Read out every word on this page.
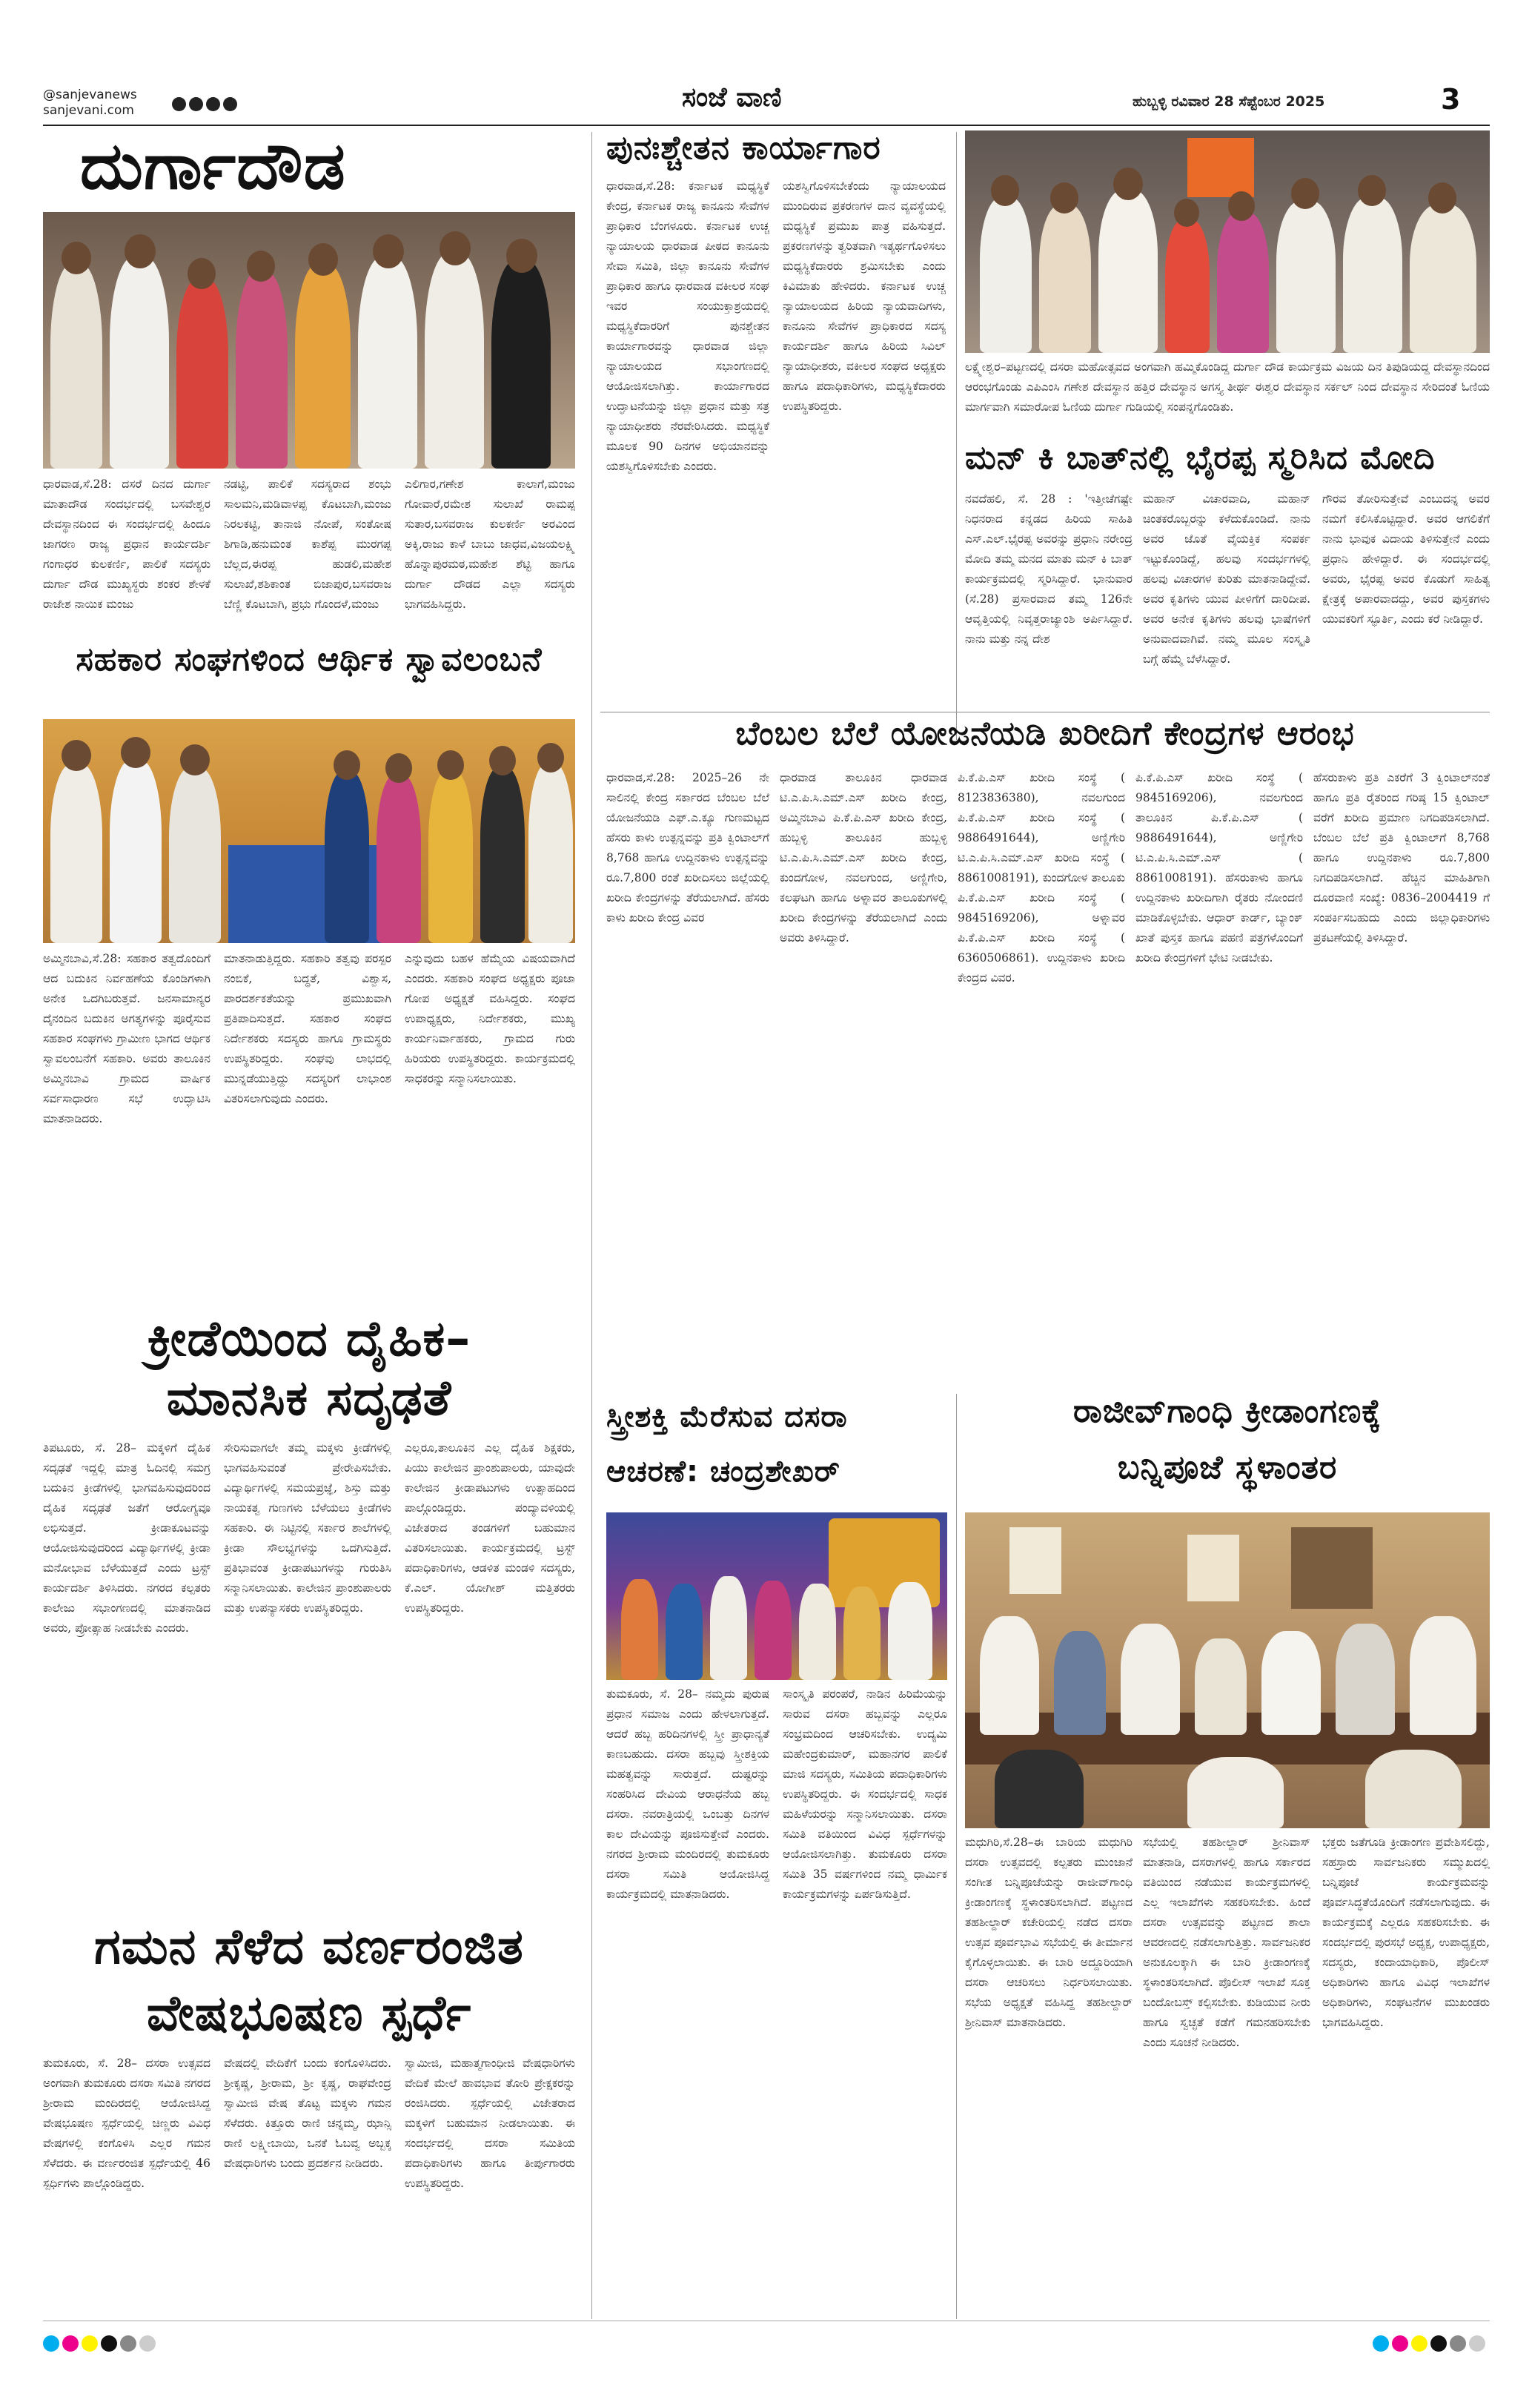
@sanjevanews
sanjevani.com	ಸಂಜೆ ವಾಣಿ	ಹುಬ್ಬಳ್ಳಿ ರವಿವಾರ 28 ಸೆಪ್ಟೆಂಬರ 2025	3
ದುರ್ಗಾದೌಡ
ಧಾರವಾಡ,ಸೆ.28: ದಸರೆ ದಿನದ ದುರ್ಗಾ ಮಾತಾದೌಡ ಸಂದರ್ಭದಲ್ಲಿ ಬಸವೇಶ್ವರ ದೇವಸ್ಥಾನದಿಂದ ಈ ಸಂದರ್ಭದಲ್ಲಿ ಹಿಂದೂ ಜಾಗರಣ ರಾಜ್ಯ ಪ್ರಧಾನ ಕಾರ್ಯದರ್ಶಿ ಗಂಗಾಧರ ಕುಲಕರ್ಣಿ, ಪಾಲಿಕೆ ಸದಸ್ಯರು ದುರ್ಗಾ ದೌಡ ಮುಖ್ಯಸ್ಥರು ಶಂಕರ ಶೇಳಕೆ ರಾಜೇಶ ನಾಯಿಕ ಮಂಜು
ನಡಟ್ಟಿ, ಪಾಲಿಕೆ ಸದಸ್ಯರಾದ ಶಂಭು ಸಾಲಮನಿ,ಮಡಿವಾಳಪ್ಪ ಕೊಟಬಾಗಿ,ಮಂಜು ನಿರಲಕಟ್ಟಿ, ತಾನಾಜಿ ನೋಪೆ, ಸಂತೋಷ ಶಿಗಾಡಿ,ಹನುಮಂತ ಕಾಶೆಪ್ಪ ಮುರಗಪ್ಪ ಬೆಲ್ಲದ,ಈರಪ್ಪ ಹುಡಲಿ,ಮಹೇಶ ಸುಲಾಖೆ,ಶಶಿಕಾಂತ ಬಿಜಾಪುರ,ಬಸವರಾಜ ಬೆಣ್ಣಿ ಕೊಟಬಾಗಿ, ಪ್ರಭು ಗೊಂದಳೆ,ಮಂಜು
ಎಲಿಗಾರ,ಗಣೇಶ ಕಾಲಾಗೆ,ಮಂಜು ಗೋವಾರೆ,ರಮೇಶ ಸುಲಾಖೆ ರಾಮಪ್ಪ ಸುತಾರ,ಬಸವರಾಜ ಕುಲಕರ್ಣಿ ಅರವಿಂದ ಅಕ್ಕಿ,ರಾಜು ಕಾಳೆ ಬಾಬು ಜಾಧವ,ವಿಜಯಲಕ್ಷ್ಮಿ ಹೊನ್ನಾಪುರಮಠ,ಮಹೇಶ ಶೆಟ್ಟಿ ಹಾಗೂ ದುರ್ಗಾ ದೌಡದ ಎಲ್ಲಾ ಸದಸ್ಯರು ಭಾಗವಹಿಸಿದ್ದರು.
ಸಹಕಾರ ಸಂಘಗಳಿಂದ ಆರ್ಥಿಕ ಸ್ವಾವಲಂಬನೆ
ಅಮ್ಮಿನಬಾವಿ,ಸೆ.28: ಸಹಕಾರ ತತ್ವದೊಂದಿಗೆ ಆದ ಬದುಕಿನ ನಿರ್ವಹಣೆಯ ಕೊಂಡಿಗಳಾಗಿ ಅನೇಕ ಒದಗಿಬರುತ್ತವೆ. ಜನಸಾಮಾನ್ಯರ ದೈನಂದಿನ ಬದುಕಿನ ಅಗತ್ಯಗಳನ್ನು ಪೂರೈಸುವ ಸಹಕಾರ ಸಂಘಗಳು ಗ್ರಾಮೀಣ ಭಾಗದ ಆರ್ಥಿಕ ಸ್ವಾವಲಂಬನೆಗೆ ಸಹಕಾರಿ. ಅವರು ತಾಲೂಕಿನ ಅಮ್ಮಿನಬಾವಿ ಗ್ರಾಮದ ವಾರ್ಷಿಕ ಸರ್ವಸಾಧಾರಣ ಸಭೆ ಉದ್ಘಾಟಿಸಿ ಮಾತನಾಡಿದರು.
ಮಾತನಾಡುತ್ತಿದ್ದರು. ಸಹಕಾರಿ ತತ್ವವು ಪರಸ್ಪರ ನಂಬಿಕೆ, ಬದ್ಧತೆ, ವಿಶ್ವಾಸ, ಪಾರದರ್ಶಕತೆಯನ್ನು ಪ್ರಮುಖವಾಗಿ ಪ್ರತಿಪಾದಿಸುತ್ತದೆ. ಸಹಕಾರ ಸಂಘದ ನಿರ್ದೇಶಕರು ಸದಸ್ಯರು ಹಾಗೂ ಗ್ರಾಮಸ್ಥರು ಉಪಸ್ಥಿತರಿದ್ದರು. ಸಂಘವು ಲಾಭದಲ್ಲಿ ಮುನ್ನಡೆಯುತ್ತಿದ್ದು ಸದಸ್ಯರಿಗೆ ಲಾಭಾಂಶ ವಿತರಿಸಲಾಗುವುದು ಎಂದರು.
ಎನ್ನುವುದು ಬಹಳ ಹೆಮ್ಮೆಯ ವಿಷಯವಾಗಿದೆ ಎಂದರು. ಸಹಕಾರಿ ಸಂಘದ ಅಧ್ಯಕ್ಷರು ಪೂಜಾ ಗೋಪ ಅಧ್ಯಕ್ಷತೆ ವಹಿಸಿದ್ದರು. ಸಂಘದ ಉಪಾಧ್ಯಕ್ಷರು, ನಿರ್ದೇಶಕರು, ಮುಖ್ಯ ಕಾರ್ಯನಿರ್ವಾಹಕರು, ಗ್ರಾಮದ ಗುರು ಹಿರಿಯರು ಉಪಸ್ಥಿತರಿದ್ದರು. ಕಾರ್ಯಕ್ರಮದಲ್ಲಿ ಸಾಧಕರನ್ನು ಸನ್ಮಾನಿಸಲಾಯಿತು.
ಕ್ರೀಡೆಯಿಂದ ದೈಹಿಕ–
ಮಾನಸಿಕ ಸದೃಢತೆ
ತಿಪಟೂರು, ಸೆ. 28– ಮಕ್ಕಳಿಗೆ ದೈಹಿಕ ಸದೃಢತೆ ಇದ್ದಲ್ಲಿ ಮಾತ್ರ ಓದಿನಲ್ಲಿ ಸಮಗ್ರ ಬದುಕಿನ ಕ್ರೀಡೆಗಳಲ್ಲಿ ಭಾಗವಹಿಸುವುದರಿಂದ ದೈಹಿಕ ಸದೃಢತೆ ಜತೆಗೆ ಆರೋಗ್ಯವೂ ಲಭಿಸುತ್ತದೆ. ಕ್ರೀಡಾಕೂಟವನ್ನು ಆಯೋಜಿಸುವುದರಿಂದ ವಿದ್ಯಾರ್ಥಿಗಳಲ್ಲಿ ಕ್ರೀಡಾ ಮನೋಭಾವ ಬೆಳೆಯುತ್ತದೆ ಎಂದು ಟ್ರಸ್ಟ್ ಕಾರ್ಯದರ್ಶಿ ತಿಳಿಸಿದರು. ನಗರದ ಕಲ್ಪತರು ಕಾಲೇಜು ಸಭಾಂಗಣದಲ್ಲಿ ಮಾತನಾಡಿದ ಅವರು, ಪ್ರೋತ್ಸಾಹ ನೀಡಬೇಕು ಎಂದರು.
ಸೇರಿಸುವಾಗಲೇ ತಮ್ಮ ಮಕ್ಕಳು ಕ್ರೀಡೆಗಳಲ್ಲಿ ಭಾಗವಹಿಸುವಂತೆ ಪ್ರೇರೇಪಿಸಬೇಕು. ವಿದ್ಯಾರ್ಥಿಗಳಲ್ಲಿ ಸಮಯಪ್ರಜ್ಞೆ, ಶಿಸ್ತು ಮತ್ತು ನಾಯಕತ್ವ ಗುಣಗಳು ಬೆಳೆಯಲು ಕ್ರೀಡೆಗಳು ಸಹಕಾರಿ. ಈ ನಿಟ್ಟಿನಲ್ಲಿ ಸರ್ಕಾರ ಶಾಲೆಗಳಲ್ಲಿ ಕ್ರೀಡಾ ಸೌಲಭ್ಯಗಳನ್ನು ಒದಗಿಸುತ್ತಿದೆ. ಪ್ರತಿಭಾವಂತ ಕ್ರೀಡಾಪಟುಗಳನ್ನು ಗುರುತಿಸಿ ಸನ್ಮಾನಿಸಲಾಯಿತು. ಕಾಲೇಜಿನ ಪ್ರಾಂಶುಪಾಲರು ಮತ್ತು ಉಪನ್ಯಾಸಕರು ಉಪಸ್ಥಿತರಿದ್ದರು.
ಎಲ್ಲರೂ,ತಾಲೂಕಿನ ಎಲ್ಲ ದೈಹಿಕ ಶಿಕ್ಷಕರು, ಪಿಯು ಕಾಲೇಜಿನ ಪ್ರಾಂಶುಪಾಲರು, ಯಾವುದೇ ಕಾಲೇಜಿನ ಕ್ರೀಡಾಪಟುಗಳು ಉತ್ಸಾಹದಿಂದ ಪಾಲ್ಗೊಂಡಿದ್ದರು. ಪಂದ್ಯಾವಳಿಯಲ್ಲಿ ವಿಜೇತರಾದ ತಂಡಗಳಿಗೆ ಬಹುಮಾನ ವಿತರಿಸಲಾಯಿತು. ಕಾರ್ಯಕ್ರಮದಲ್ಲಿ ಟ್ರಸ್ಟ್ ಪದಾಧಿಕಾರಿಗಳು, ಆಡಳಿತ ಮಂಡಳಿ ಸದಸ್ಯರು, ಕೆ.ಎಲ್. ಯೋಗೀಶ್ ಮತ್ತಿತರರು ಉಪಸ್ಥಿತರಿದ್ದರು.
ಗಮನ ಸೆಳೆದ ವರ್ಣರಂಜಿತ
ವೇಷಭೂಷಣ ಸ್ಪರ್ಧೆ
ತುಮಕೂರು, ಸೆ. 28– ದಸರಾ ಉತ್ಸವದ ಅಂಗವಾಗಿ ತುಮಕೂರು ದಸರಾ ಸಮಿತಿ ನಗರದ ಶ್ರೀರಾಮ ಮಂದಿರದಲ್ಲಿ ಆಯೋಜಿಸಿದ್ದ ವೇಷಭೂಷಣ ಸ್ಪರ್ಧೆಯಲ್ಲಿ ಚಿಣ್ಣರು ವಿವಿಧ ವೇಷಗಳಲ್ಲಿ ಕಂಗೊಳಿಸಿ ಎಲ್ಲರ ಗಮನ ಸೆಳೆದರು. ಈ ವರ್ಣರಂಜಿತ ಸ್ಪರ್ಧೆಯಲ್ಲಿ 46 ಸ್ಪರ್ಧಿಗಳು ಪಾಲ್ಗೊಂಡಿದ್ದರು.
ವೇಷದಲ್ಲಿ ವೇದಿಕೆಗೆ ಬಂದು ಕಂಗೊಳಿಸಿದರು. ಶ್ರೀಕೃಷ್ಣ, ಶ್ರೀರಾಮ, ಶ್ರೀ ಕೃಷ್ಣ, ರಾಘವೇಂದ್ರ ಸ್ವಾಮೀಜಿ ವೇಷ ತೊಟ್ಟ ಮಕ್ಕಳು ಗಮನ ಸೆಳೆದರು. ಕಿತ್ತೂರು ರಾಣಿ ಚನ್ನಮ್ಮ, ಝಾನ್ಸಿ ರಾಣಿ ಲಕ್ಷ್ಮೀಬಾಯಿ, ಒನಕೆ ಓಬವ್ವ ಅಬ್ಬಕ್ಕ ವೇಷಧಾರಿಗಳು ಬಂದು ಪ್ರದರ್ಶನ ನೀಡಿದರು.
ಸ್ವಾಮೀಜಿ, ಮಹಾತ್ಮಗಾಂಧೀಜಿ ವೇಷಧಾರಿಗಳು ವೇದಿಕೆ ಮೇಲೆ ಹಾವಭಾವ ತೋರಿ ಪ್ರೇಕ್ಷಕರನ್ನು ರಂಜಿಸಿದರು. ಸ್ಪರ್ಧೆಯಲ್ಲಿ ವಿಜೇತರಾದ ಮಕ್ಕಳಿಗೆ ಬಹುಮಾನ ನೀಡಲಾಯಿತು. ಈ ಸಂದರ್ಭದಲ್ಲಿ ದಸರಾ ಸಮಿತಿಯ ಪದಾಧಿಕಾರಿಗಳು ಹಾಗೂ ತೀರ್ಪುಗಾರರು ಉಪಸ್ಥಿತರಿದ್ದರು.
ಪುನಃಶ್ಚೇತನ ಕಾರ್ಯಾಗಾರ
ಧಾರವಾಡ,ಸೆ.28: ಕರ್ನಾಟಕ ಮಧ್ಯಸ್ಥಿಕೆ ಕೇಂದ್ರ, ಕರ್ನಾಟಕ ರಾಜ್ಯ ಕಾನೂನು ಸೇವೆಗಳ ಪ್ರಾಧಿಕಾರ ಬೆಂಗಳೂರು. ಕರ್ನಾಟಕ ಉಚ್ಚ ನ್ಯಾಯಾಲಯ ಧಾರವಾಡ ಪೀಠದ ಕಾನೂನು ಸೇವಾ ಸಮಿತಿ, ಜಿಲ್ಲಾ ಕಾನೂನು ಸೇವೆಗಳ ಪ್ರಾಧಿಕಾರ ಹಾಗೂ ಧಾರವಾಡ ವಕೀಲರ ಸಂಘ ಇವರ ಸಂಯುಕ್ತಾಶ್ರಯದಲ್ಲಿ ಮಧ್ಯಸ್ಥಿಕೆದಾರರಿಗೆ ಪುನಶ್ಚೇತನ ಕಾರ್ಯಾಗಾರವನ್ನು ಧಾರವಾಡ ಜಿಲ್ಲಾ ನ್ಯಾಯಾಲಯದ ಸಭಾಂಗಣದಲ್ಲಿ ಆಯೋಜಿಸಲಾಗಿತ್ತು. ಕಾರ್ಯಾಗಾರದ ಉದ್ಘಾಟನೆಯನ್ನು ಜಿಲ್ಲಾ ಪ್ರಧಾನ ಮತ್ತು ಸತ್ರ ನ್ಯಾಯಾಧೀಶರು ನೆರವೇರಿಸಿದರು. ಮಧ್ಯಸ್ಥಿಕೆ ಮೂಲಕ 90 ದಿನಗಳ ಅಭಿಯಾನವನ್ನು ಯಶಸ್ವಿಗೊಳಿಸಬೇಕು ಎಂದರು.
ಯಶಸ್ವಿಗೊಳಿಸಬೇಕೆಂದು ನ್ಯಾಯಾಲಯದ ಮುಂದಿರುವ ಪ್ರಕರಣಗಳ ದಾನ ವ್ಯವಸ್ಥೆಯಲ್ಲಿ ಮಧ್ಯಸ್ಥಿಕೆ ಪ್ರಮುಖ ಪಾತ್ರ ವಹಿಸುತ್ತದೆ. ಪ್ರಕರಣಗಳನ್ನು ತ್ವರಿತವಾಗಿ ಇತ್ಯರ್ಥಗೊಳಿಸಲು ಮಧ್ಯಸ್ಥಿಕೆದಾರರು ಶ್ರಮಿಸಬೇಕು ಎಂದು ಕಿವಿಮಾತು ಹೇಳಿದರು. ಕರ್ನಾಟಕ ಉಚ್ಚ ನ್ಯಾಯಾಲಯದ ಹಿರಿಯ ನ್ಯಾಯವಾದಿಗಳು, ಕಾನೂನು ಸೇವೆಗಳ ಪ್ರಾಧಿಕಾರದ ಸದಸ್ಯ ಕಾರ್ಯದರ್ಶಿ ಹಾಗೂ ಹಿರಿಯ ಸಿವಿಲ್ ನ್ಯಾಯಾಧೀಶರು, ವಕೀಲರ ಸಂಘದ ಅಧ್ಯಕ್ಷರು ಹಾಗೂ ಪದಾಧಿಕಾರಿಗಳು, ಮಧ್ಯಸ್ಥಿಕೆದಾರರು ಉಪಸ್ಥಿತರಿದ್ದರು.
ಲಕ್ಷ್ಮೇಶ್ವರ–ಪಟ್ಟಣದಲ್ಲಿ ದಸರಾ ಮಹೋತ್ಸವದ ಅಂಗವಾಗಿ ಹಮ್ಮಿಕೊಂಡಿದ್ದ ದುರ್ಗಾ ದೌಡ ಕಾರ್ಯಕ್ರಮ ವಿಜಯ ದಿನ ತಿಪುಡಿಯದ್ದ ದೇವಸ್ಥಾನದಿಂದ ಆರಂಭಗೊಂಡು ಎಪಿಎಂಸಿ ಗಣೇಶ ದೇವಸ್ಥಾನ ಹತ್ತಿರ ದೇವಸ್ಥಾನ ಅಗಸ್ತ್ಯ ತೀರ್ಥ ಈಶ್ವರ ದೇವಸ್ಥಾನ ಸರ್ಕಲ್ ನಿಂದ ದೇವಸ್ಥಾನ ಸೇರಿದಂತೆ ಓಣಿಯ ಮಾರ್ಗವಾಗಿ ಸಮಾರೋಪ ಓಣಿಯ ದುರ್ಗಾ ಗುಡಿಯಲ್ಲಿ ಸಂಪನ್ನಗೊಂಡಿತು.
ಮನ್ ಕಿ ಬಾತ್‌ನಲ್ಲಿ ಭೈರಪ್ಪ ಸ್ಮರಿಸಿದ ಮೋದಿ
ನವದೆಹಲಿ, ಸೆ. 28 : 'ಇತ್ತೀಚೆಗಷ್ಟೇ ನಿಧನರಾದ ಕನ್ನಡದ ಹಿರಿಯ ಸಾಹಿತಿ ಎಸ್.ಎಲ್.ಭೈರಪ್ಪ ಅವರನ್ನು ಪ್ರಧಾನಿ ನರೇಂದ್ರ ಮೋದಿ ತಮ್ಮ ಮನದ ಮಾತು ಮನ್ ಕಿ ಬಾತ್ ಕಾರ್ಯಕ್ರಮದಲ್ಲಿ ಸ್ಮರಿಸಿದ್ದಾರೆ. ಭಾನುವಾರ (ಸೆ.28) ಪ್ರಸಾರವಾದ ತಮ್ಮ 126ನೇ ಆವೃತ್ತಿಯಲ್ಲಿ ನಿವೃತ್ತರಾಜ್ಯಾಂಶಿ ಅರ್ಪಿಸಿದ್ದಾರೆ. ನಾನು ಮತ್ತು ನನ್ನ ದೇಶ
ಮಹಾನ್ ವಿಚಾರವಾದಿ, ಮಹಾನ್ ಚಿಂತಕರೊಬ್ಬರನ್ನು ಕಳೆದುಕೊಂಡಿದೆ. ನಾನು ಅವರ ಜೊತೆ ವೈಯಕ್ತಿಕ ಸಂಪರ್ಕ ಇಟ್ಟುಕೊಂಡಿದ್ದೆ, ಹಲವು ಸಂದರ್ಭಗಳಲ್ಲಿ ಹಲವು ವಿಚಾರಗಳ ಕುರಿತು ಮಾತನಾಡಿದ್ದೇವೆ. ಅವರ ಕೃತಿಗಳು ಯುವ ಪೀಳಿಗೆಗೆ ದಾರಿದೀಪ. ಅವರ ಅನೇಕ ಕೃತಿಗಳು ಹಲವು ಭಾಷೆಗಳಿಗೆ ಅನುವಾದವಾಗಿವೆ. ನಮ್ಮ ಮೂಲ ಸಂಸ್ಕೃತಿ ಬಗ್ಗೆ ಹೆಮ್ಮೆ ಬೆಳೆಸಿದ್ದಾರೆ.
ಗೌರವ ತೋರಿಸುತ್ತೇವೆ ಎಂಬುದನ್ನ ಅವರ ನಮಗೆ ಕಲಿಸಿಕೊಟ್ಟಿದ್ದಾರೆ. ಅವರ ಆಗಲಿಕೆಗೆ ನಾನು ಭಾವುಕ ವಿದಾಯ ತಿಳಿಸುತ್ತೇನೆ ಎಂದು ಪ್ರಧಾನಿ ಹೇಳಿದ್ದಾರೆ. ಈ ಸಂದರ್ಭದಲ್ಲಿ ಅವರು, ಭೈರಪ್ಪ ಅವರ ಕೊಡುಗೆ ಸಾಹಿತ್ಯ ಕ್ಷೇತ್ರಕ್ಕೆ ಅಪಾರವಾದದ್ದು, ಅವರ ಪುಸ್ತಕಗಳು ಯುವಕರಿಗೆ ಸ್ಫೂರ್ತಿ, ಎಂದು ಕರೆ ನೀಡಿದ್ದಾರೆ.
ಬೆಂಬಲ ಬೆಲೆ ಯೋಜನೆಯಡಿ ಖರೀದಿಗೆ ಕೇಂದ್ರಗಳ ಆರಂಭ
ಧಾರವಾಡ,ಸೆ.28: 2025–26 ನೇ ಸಾಲಿನಲ್ಲಿ ಕೇಂದ್ರ ಸರ್ಕಾರದ ಬೆಂಬಲ ಬೆಲೆ ಯೋಜನೆಯಡಿ ಎಫ್.ಎ.ಕ್ಯೂ ಗುಣಮಟ್ಟದ ಹೆಸರು ಕಾಳು ಉತ್ಪನ್ನವನ್ನು ಪ್ರತಿ ಕ್ವಿಂಟಾಲ್‌ಗೆ 8,768 ಹಾಗೂ ಉದ್ದಿನಕಾಳು ಉತ್ಪನ್ನವನ್ನು ರೂ.7,800 ರಂತೆ ಖರೀದಿಸಲು ಜಿಲ್ಲೆಯಲ್ಲಿ ಖರೀದಿ ಕೇಂದ್ರಗಳನ್ನು ತೆರೆಯಲಾಗಿದೆ. ಹೆಸರು ಕಾಳು ಖರೀದಿ ಕೇಂದ್ರ ವಿವರ
ಧಾರವಾಡ ತಾಲೂಕಿನ ಧಾರವಾಡ ಟಿ.ಎ.ಪಿ.ಸಿ.ಎಮ್.ಎಸ್ ಖರೀದಿ ಕೇಂದ್ರ, ಅಮ್ಮಿನಬಾವಿ ಪಿ.ಕೆ.ಪಿ.ಎಸ್ ಖರೀದಿ ಕೇಂದ್ರ, ಹುಬ್ಬಳ್ಳಿ ತಾಲೂಕಿನ ಹುಬ್ಬಳ್ಳಿ ಟಿ.ಎ.ಪಿ.ಸಿ.ಎಮ್.ಎಸ್ ಖರೀದಿ ಕೇಂದ್ರ, ಕುಂದಗೋಳ, ನವಲಗುಂದ, ಅಣ್ಣಿಗೇರಿ, ಕಲಘಟಗಿ ಹಾಗೂ ಅಳ್ನಾವರ ತಾಲೂಕುಗಳಲ್ಲಿ ಖರೀದಿ ಕೇಂದ್ರಗಳನ್ನು ತೆರೆಯಲಾಗಿದೆ ಎಂದು ಅವರು ತಿಳಿಸಿದ್ದಾರೆ.
ಪಿ.ಕೆ.ಪಿ.ಎಸ್ ಖರೀದಿ ಸಂಸ್ಥೆ ( 8123836380), ನವಲಗುಂದ ಪಿ.ಕೆ.ಪಿ.ಎಸ್ ಖರೀದಿ ಸಂಸ್ಥೆ ( 9886491644), ಅಣ್ಣಿಗೇರಿ ಟಿ.ಎ.ಪಿ.ಸಿ.ಎಮ್.ಎಸ್ ಖರೀದಿ ಸಂಸ್ಥೆ ( 8861008191), ಕುಂದಗೋಳ ತಾಲೂಕು ಪಿ.ಕೆ.ಪಿ.ಎಸ್ ಖರೀದಿ ಸಂಸ್ಥೆ ( 9845169206), ಅಳ್ನಾವರ ಪಿ.ಕೆ.ಪಿ.ಎಸ್ ಖರೀದಿ ಸಂಸ್ಥೆ ( 6360506861). ಉದ್ದಿನಕಾಳು ಖರೀದಿ ಕೇಂದ್ರದ ವಿವರ.
ಪಿ.ಕೆ.ಪಿ.ಎಸ್ ಖರೀದಿ ಸಂಸ್ಥೆ ( 9845169206), ನವಲಗುಂದ ತಾಲೂಕಿನ ಪಿ.ಕೆ.ಪಿ.ಎಸ್ ( 9886491644), ಅಣ್ಣಿಗೇರಿ ಟಿ.ಎ.ಪಿ.ಸಿ.ಎಮ್.ಎಸ್ ( 8861008191). ಹೆಸರುಕಾಳು ಹಾಗೂ ಉದ್ದಿನಕಾಳು ಖರೀದಿಗಾಗಿ ರೈತರು ನೋಂದಣಿ ಮಾಡಿಕೊಳ್ಳಬೇಕು. ಆಧಾರ್ ಕಾರ್ಡ್, ಬ್ಯಾಂಕ್ ಖಾತೆ ಪುಸ್ತಕ ಹಾಗೂ ಪಹಣಿ ಪತ್ರಗಳೊಂದಿಗೆ ಖರೀದಿ ಕೇಂದ್ರಗಳಿಗೆ ಭೇಟಿ ನೀಡಬೇಕು.
ಹೆಸರುಕಾಳು ಪ್ರತಿ ಎಕರೆಗೆ 3 ಕ್ವಿಂಟಾಲ್‌ನಂತೆ ಹಾಗೂ ಪ್ರತಿ ರೈತರಿಂದ ಗರಿಷ್ಠ 15 ಕ್ವಿಂಟಾಲ್ ವರೆಗೆ ಖರೀದಿ ಪ್ರಮಾಣ ನಿಗದಿಪಡಿಸಲಾಗಿದೆ. ಬೆಂಬಲ ಬೆಲೆ ಪ್ರತಿ ಕ್ವಿಂಟಾಲ್‌ಗೆ 8,768 ಹಾಗೂ ಉದ್ದಿನಕಾಳು ರೂ.7,800 ನಿಗದಿಪಡಿಸಲಾಗಿದೆ. ಹೆಚ್ಚಿನ ಮಾಹಿತಿಗಾಗಿ ದೂರವಾಣಿ ಸಂಖ್ಯೆ: 0836–2004419 ಗೆ ಸಂಪರ್ಕಿಸಬಹುದು ಎಂದು ಜಿಲ್ಲಾಧಿಕಾರಿಗಳು ಪ್ರಕಟಣೆಯಲ್ಲಿ ತಿಳಿಸಿದ್ದಾರೆ.
ಸ್ತ್ರೀಶಕ್ತಿ ಮೆರೆಸುವ ದಸರಾ
ಆಚರಣೆ: ಚಂದ್ರಶೇಖರ್
ತುಮಕೂರು, ಸೆ. 28– ನಮ್ಮದು ಪುರುಷ ಪ್ರಧಾನ ಸಮಾಜ ಎಂದು ಹೇಳಲಾಗುತ್ತದೆ. ಆದರೆ ಹಬ್ಬ ಹರಿದಿನಗಳಲ್ಲಿ ಸ್ತ್ರೀ ಪ್ರಾಧಾನ್ಯತೆ ಕಾಣಬಹುದು. ದಸರಾ ಹಬ್ಬವು ಸ್ತ್ರೀಶಕ್ತಿಯ ಮಹತ್ವವನ್ನು ಸಾರುತ್ತದೆ. ದುಷ್ಟರನ್ನು ಸಂಹರಿಸಿದ ದೇವಿಯ ಆರಾಧನೆಯ ಹಬ್ಬ ದಸರಾ. ನವರಾತ್ರಿಯಲ್ಲಿ ಒಂಬತ್ತು ದಿನಗಳ ಕಾಲ ದೇವಿಯನ್ನು ಪೂಜಿಸುತ್ತೇವೆ ಎಂದರು. ನಗರದ ಶ್ರೀರಾಮ ಮಂದಿರದಲ್ಲಿ ತುಮಕೂರು ದಸರಾ ಸಮಿತಿ ಆಯೋಜಿಸಿದ್ದ ಕಾರ್ಯಕ್ರಮದಲ್ಲಿ ಮಾತನಾಡಿದರು.
ಸಾಂಸ್ಕೃತಿ ಪರಂಪರೆ, ನಾಡಿನ ಹಿರಿಮೆಯನ್ನು ಸಾರುವ ದಸರಾ ಹಬ್ಬವನ್ನು ಎಲ್ಲರೂ ಸಂಭ್ರಮದಿಂದ ಆಚರಿಸಬೇಕು. ಉದ್ಯಮಿ ಮಹೇಂದ್ರಕುಮಾರ್, ಮಹಾನಗರ ಪಾಲಿಕೆ ಮಾಜಿ ಸದಸ್ಯರು, ಸಮಿತಿಯ ಪದಾಧಿಕಾರಿಗಳು ಉಪಸ್ಥಿತರಿದ್ದರು. ಈ ಸಂದರ್ಭದಲ್ಲಿ ಸಾಧಕ ಮಹಿಳೆಯರನ್ನು ಸನ್ಮಾನಿಸಲಾಯಿತು. ದಸರಾ ಸಮಿತಿ ವತಿಯಿಂದ ವಿವಿಧ ಸ್ಪರ್ಧೆಗಳನ್ನು ಆಯೋಜಿಸಲಾಗಿತ್ತು. ತುಮಕೂರು ದಸರಾ ಸಮಿತಿ 35 ವರ್ಷಗಳಿಂದ ನಮ್ಮ ಧಾರ್ಮಿಕ ಕಾರ್ಯಕ್ರಮಗಳನ್ನು ಏರ್ಪಡಿಸುತ್ತಿದೆ.
ರಾಜೀವ್‌ಗಾಂಧಿ ಕ್ರೀಡಾಂಗಣಕ್ಕೆ
ಬನ್ನಿಪೂಜೆ ಸ್ಥಳಾಂತರ
ಮಧುಗಿರಿ,ಸೆ.28–ಈ ಬಾರಿಯ ಮಧುಗಿರಿ ದಸರಾ ಉತ್ಸವದಲ್ಲಿ ಕಲ್ಪತರು ಮುಂಜಾನೆ ಸಂಗೀತ ಬನ್ನಿಪೂಜೆಯನ್ನು ರಾಜೀವ್‌ಗಾಂಧಿ ಕ್ರೀಡಾಂಗಣಕ್ಕೆ ಸ್ಥಳಾಂತರಿಸಲಾಗಿದೆ. ಪಟ್ಟಣದ ತಹಶೀಲ್ದಾರ್ ಕಚೇರಿಯಲ್ಲಿ ನಡೆದ ದಸರಾ ಉತ್ಸವ ಪೂರ್ವಭಾವಿ ಸಭೆಯಲ್ಲಿ ಈ ತೀರ್ಮಾನ ಕೈಗೊಳ್ಳಲಾಯಿತು. ಈ ಬಾರಿ ಅದ್ದೂರಿಯಾಗಿ ದಸರಾ ಆಚರಿಸಲು ನಿರ್ಧರಿಸಲಾಯಿತು. ಸಭೆಯ ಅಧ್ಯಕ್ಷತೆ ವಹಿಸಿದ್ದ ತಹಶೀಲ್ದಾರ್ ಶ್ರೀನಿವಾಸ್ ಮಾತನಾಡಿದರು.
ಸಭೆಯಲ್ಲಿ ತಹಶೀಲ್ದಾರ್ ಶ್ರೀನಿವಾಸ್ ಮಾತನಾಡಿ, ದಸರಾಗಳಲ್ಲಿ ಹಾಗೂ ಸರ್ಕಾರದ ವತಿಯಿಂದ ನಡೆಯುವ ಕಾರ್ಯಕ್ರಮಗಳಲ್ಲಿ ಎಲ್ಲ ಇಲಾಖೆಗಳು ಸಹಕರಿಸಬೇಕು. ಹಿಂದೆ ದಸರಾ ಉತ್ಸವವನ್ನು ಪಟ್ಟಣದ ಶಾಲಾ ಆವರಣದಲ್ಲಿ ನಡೆಸಲಾಗುತ್ತಿತ್ತು. ಸಾರ್ವಜನಿಕರ ಅನುಕೂಲಕ್ಕಾಗಿ ಈ ಬಾರಿ ಕ್ರೀಡಾಂಗಣಕ್ಕೆ ಸ್ಥಳಾಂತರಿಸಲಾಗಿದೆ. ಪೊಲೀಸ್ ಇಲಾಖೆ ಸೂಕ್ತ ಬಂದೋಬಸ್ತ್ ಕಲ್ಪಿಸಬೇಕು. ಕುಡಿಯುವ ನೀರು ಹಾಗೂ ಸ್ವಚ್ಛತೆ ಕಡೆಗೆ ಗಮನಹರಿಸಬೇಕು ಎಂದು ಸೂಚನೆ ನೀಡಿದರು.
ಭಕ್ತರು ಜತೆಗೂಡಿ ಕ್ರೀಡಾಂಗಣ ಪ್ರವೇಶಿಸಲಿದ್ದು, ಸಹಸ್ರಾರು ಸಾರ್ವಜನಿಕರು ಸಮ್ಮುಖದಲ್ಲಿ ಬನ್ನಿಪೂಜೆ ಕಾರ್ಯಕ್ರಮವನ್ನು ಪೂರ್ವಸಿದ್ಧತೆಯೊಂದಿಗೆ ನಡೆಸಲಾಗುವುದು. ಈ ಕಾರ್ಯಕ್ರಮಕ್ಕೆ ಎಲ್ಲರೂ ಸಹಕರಿಸಬೇಕು. ಈ ಸಂದರ್ಭದಲ್ಲಿ ಪುರಸಭೆ ಅಧ್ಯಕ್ಷ, ಉಪಾಧ್ಯಕ್ಷರು, ಸದಸ್ಯರು, ಕಂದಾಯಾಧಿಕಾರಿ, ಪೊಲೀಸ್ ಅಧಿಕಾರಿಗಳು ಹಾಗೂ ವಿವಿಧ ಇಲಾಖೆಗಳ ಅಧಿಕಾರಿಗಳು, ಸಂಘಟನೆಗಳ ಮುಖಂಡರು ಭಾಗವಹಿಸಿದ್ದರು.
